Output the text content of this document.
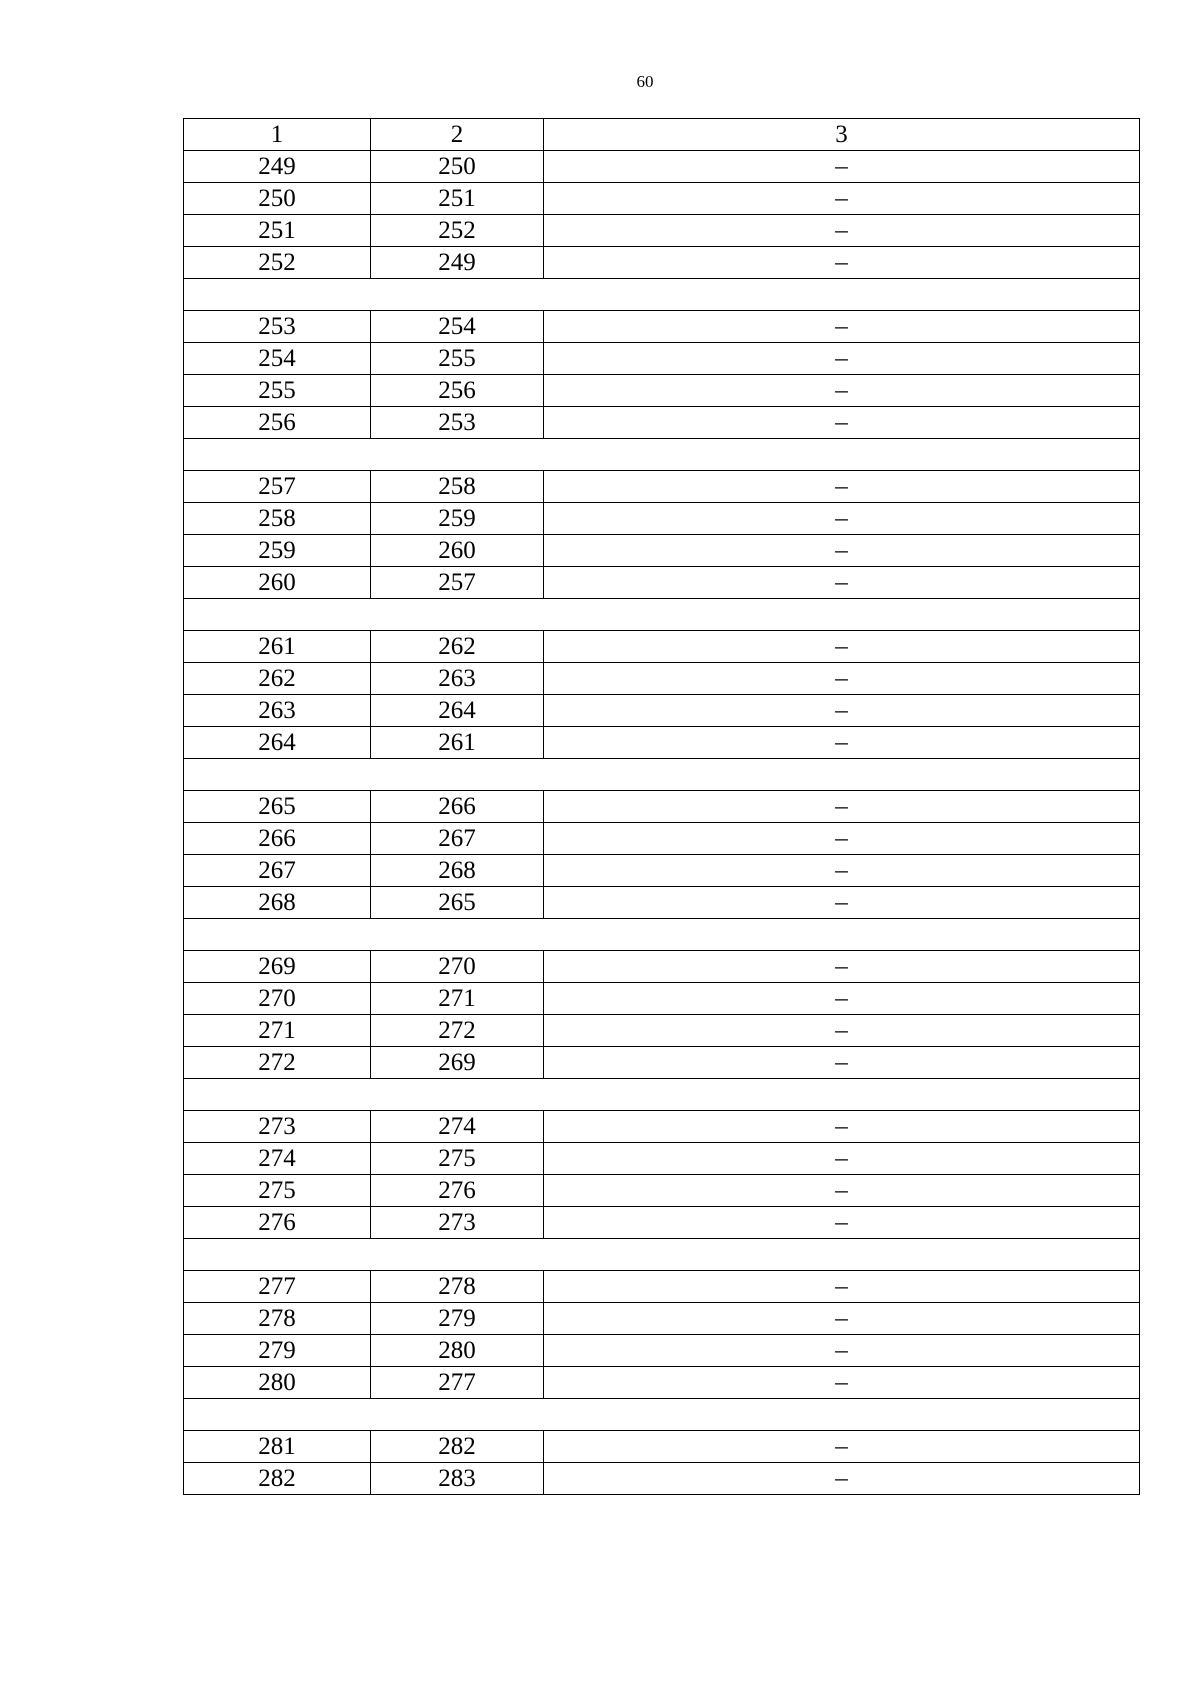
60
1	2	3
249	250	–
250	251	–
251	252	–
252	249	–

253	254	–
254	255	–
255	256	–
256	253	–

257	258	–
258	259	–
259	260	–
260	257	–

261	262	–
262	263	–
263	264	–
264	261	–

265	266	–
266	267	–
267	268	–
268	265	–

269	270	–
270	271	–
271	272	–
272	269	–

273	274	–
274	275	–
275	276	–
276	273	–

277	278	–
278	279	–
279	280	–
280	277	–

281	282	–
282	283	–
